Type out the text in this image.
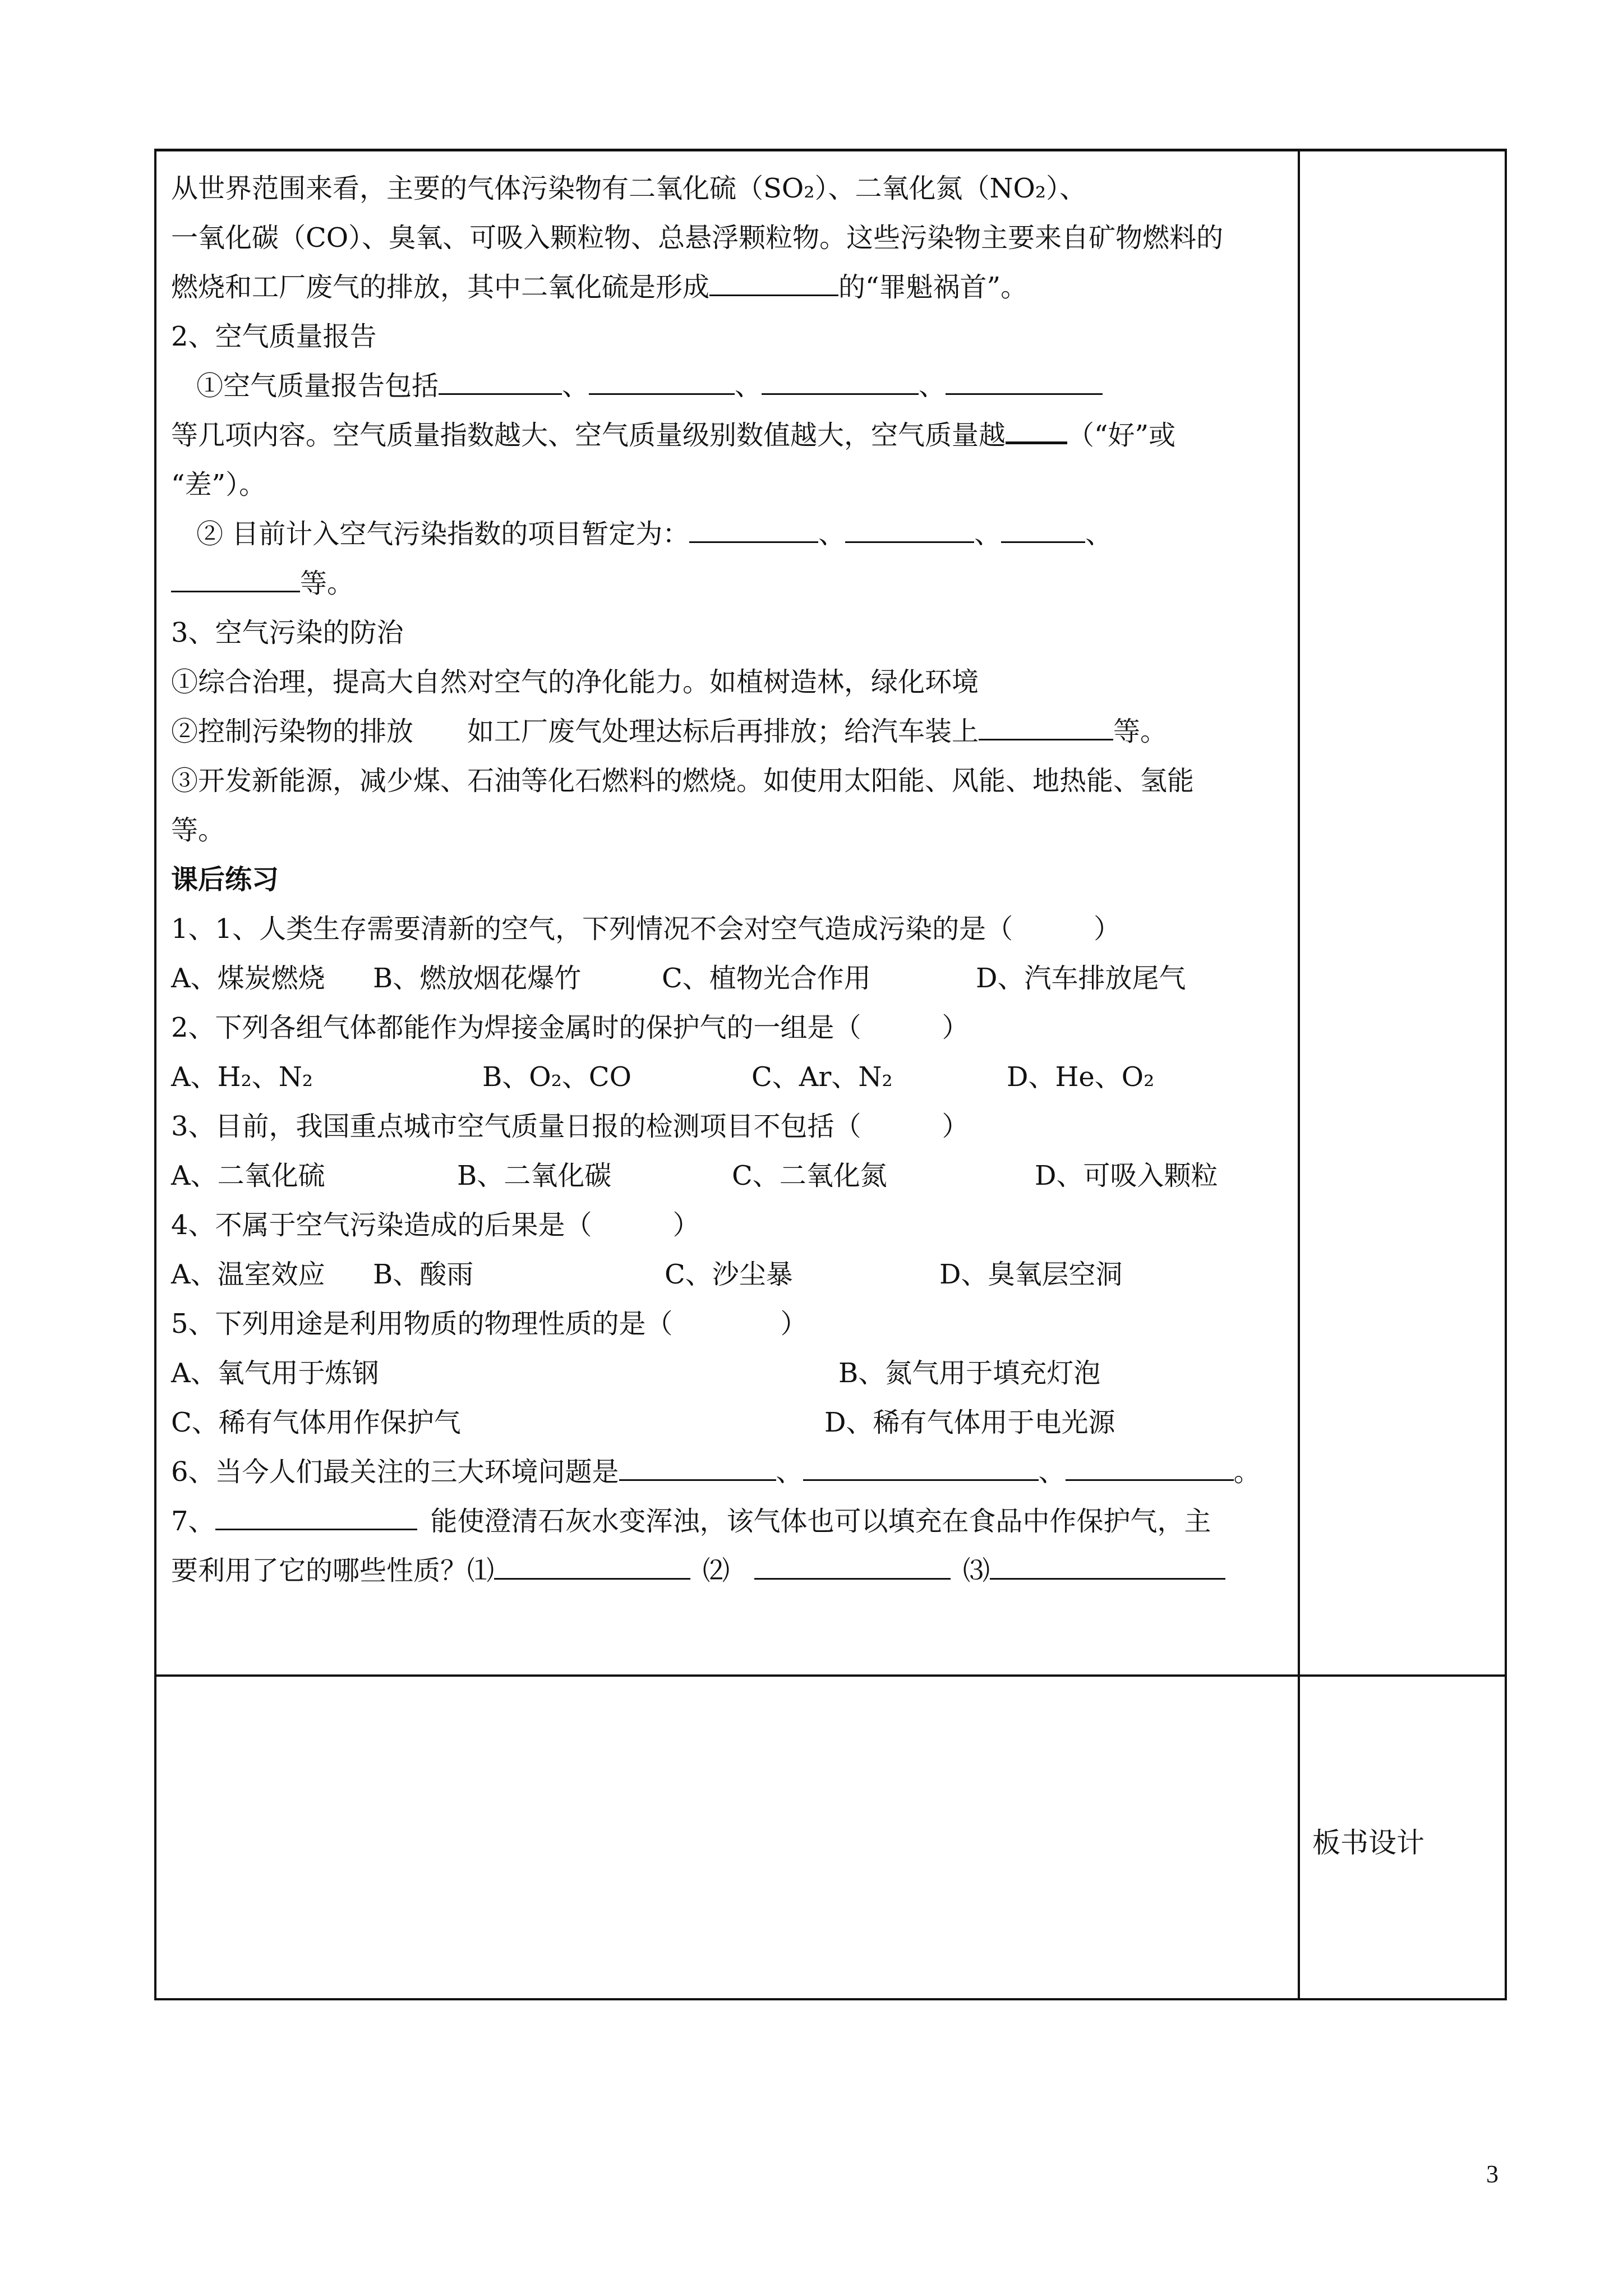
从世界范围来看，主要的气体污染物有二氧化硫（SO₂）、二氧化氮（NO₂）、
一氧化碳（CO）、臭氧、可吸入颗粒物、总悬浮颗粒物。这些污染物主要来自矿物燃料的
燃烧和工厂废气的排放，其中二氧化硫是形成	的“罪魁祸首”。
2、空气质量报告
①空气质量报告包括	、	、	、
等几项内容。空气质量指数越大、空气质量级别数值越大，空气质量越 （“好”或
“差”）。
② 目前计入空气污染指数的项目暂定为：	、	、	、
等。
3、空气污染的防治
①综合治理，提高大自然对空气的净化能力。如植树造林，绿化环境
②控制污染物的排放　　如工厂废气处理达标后再排放；给汽车装上	等。
③开发新能源，减少煤、石油等化石燃料的燃烧。如使用太阳能、风能、地热能、氢能
等。
课后练习
1、1、人类生存需要清新的空气，下列情况不会对空气造成污染的是（　　　）
A、煤炭燃烧 B、燃放烟花爆竹	C、植物光合作用	D、汽车排放尾气
2、下列各组气体都能作为焊接金属时的保护气的一组是（　　　）
A、H₂、N₂	B、O₂、CO	C、Ar、N₂	D、He、O₂
3、目前，我国重点城市空气质量日报的检测项目不包括（　　　）
A、二氧化硫	B、二氧化碳	C、二氧化氮	D、可吸入颗粒
4、不属于空气污染造成的后果是（　　　）
A、温室效应 B、酸雨	C、沙尘暴	D、臭氧层空洞
5、下列用途是利用物质的物理性质的是（　　　　）
A、氧气用于炼钢	B、氮气用于填充灯泡
C、稀有气体用作保护气	D、稀有气体用于电光源
6、当今人们最关注的三大环境问题是	、	、	。
7、	能使澄清石灰水变浑浊，该气体也可以填充在食品中作保护气，主
要利用了它的哪些性质？⑴	⑵	⑶
板书设计
3
